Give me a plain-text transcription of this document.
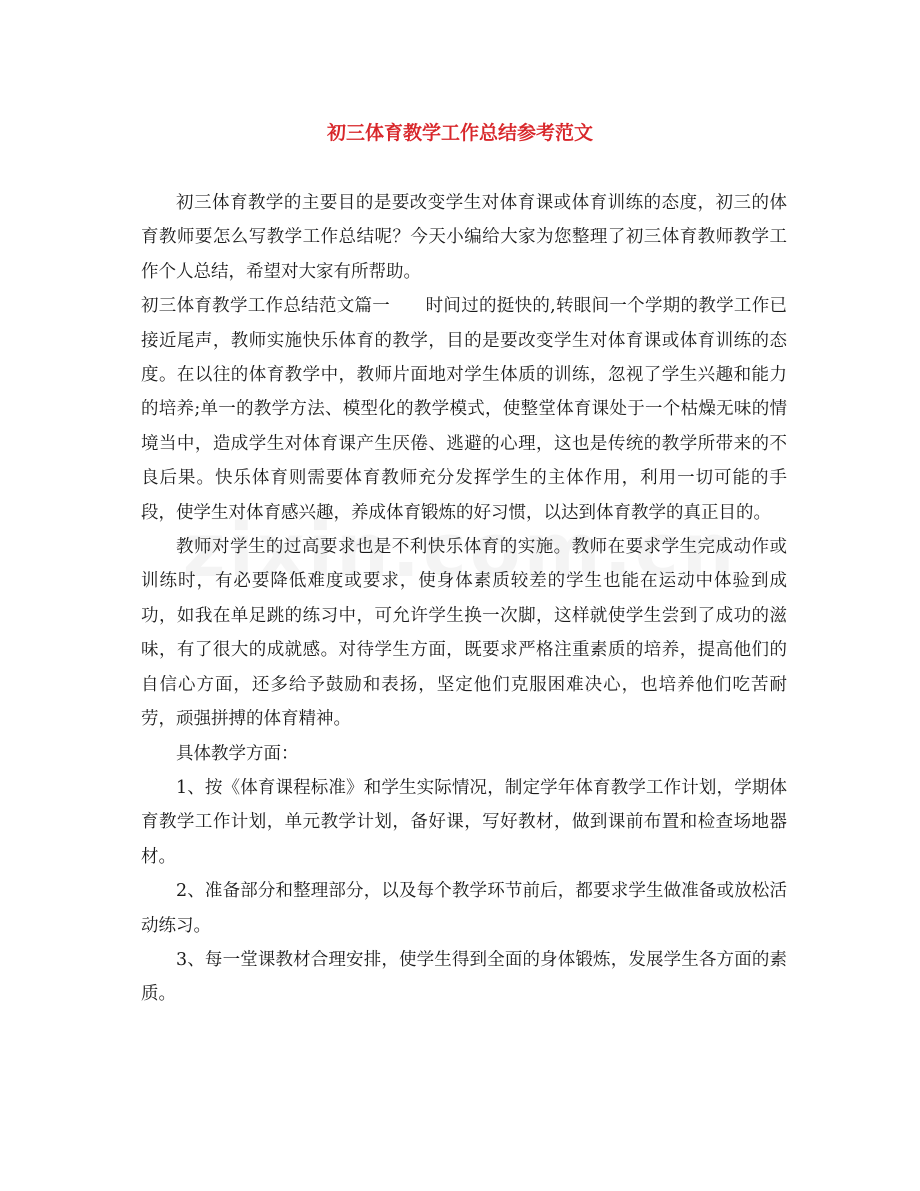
初三体育教学工作总结参考范文

初三体育教学的主要目的是要改变学生对体育课或体育训练的态度，初三的体育教师要怎么写教学工作总结呢？今天小编给大家为您整理了初三体育教师教学工作个人总结，希望对大家有所帮助。

初三体育教学工作总结范文篇一　　时间过的挺快的,转眼间一个学期的教学工作已接近尾声，教师实施快乐体育的教学，目的是要改变学生对体育课或体育训练的态度。在以往的体育教学中，教师片面地对学生体质的训练，忽视了学生兴趣和能力的培养;单一的教学方法、模型化的教学模式，使整堂体育课处于一个枯燥无味的情境当中，造成学生对体育课产生厌倦、逃避的心理，这也是传统的教学所带来的不良后果。快乐体育则需要体育教师充分发挥学生的主体作用，利用一切可能的手段，使学生对体育感兴趣，养成体育锻炼的好习惯，以达到体育教学的真正目的。

教师对学生的过高要求也是不利快乐体育的实施。教师在要求学生完成动作或训练时，有必要降低难度或要求，使身体素质较差的学生也能在运动中体验到成功，如我在单足跳的练习中，可允许学生换一次脚，这样就使学生尝到了成功的滋味，有了很大的成就感。对待学生方面，既要求严格注重素质的培养，提高他们的自信心方面，还多给予鼓励和表扬，坚定他们克服困难决心，也培养他们吃苦耐劳，顽强拼搏的体育精神。

具体教学方面：

1、按《体育课程标准》和学生实际情况，制定学年体育教学工作计划，学期体育教学工作计划，单元教学计划，备好课，写好教材，做到课前布置和检查场地器材。

2、准备部分和整理部分，以及每个教学环节前后，都要求学生做准备或放松活动练习。

3、每一堂课教材合理安排，使学生得到全面的身体锻炼，发展学生各方面的素质。
